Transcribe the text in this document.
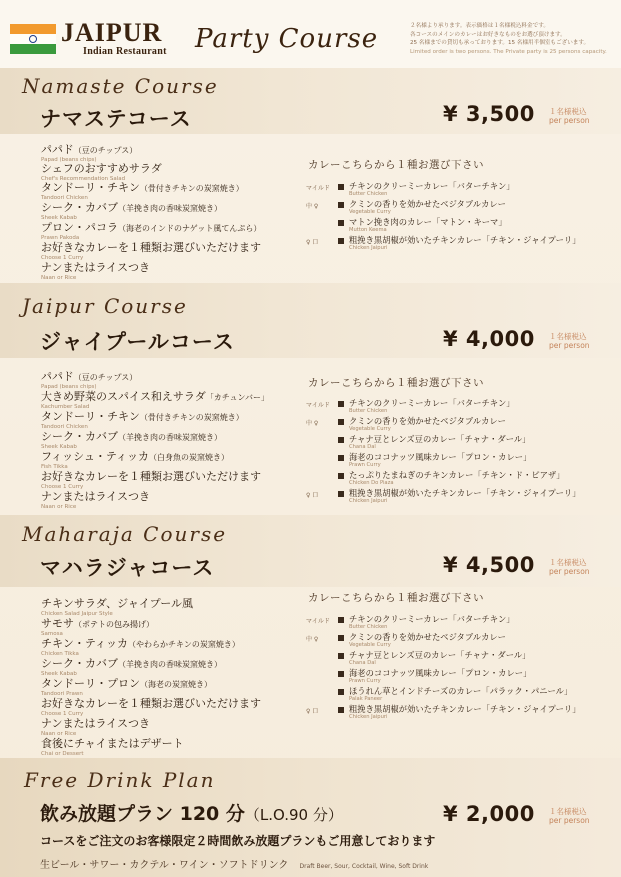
JAIPUR
Indian Restaurant Party Course	２名様より承ります。表示価格は１名様税込料金です。
各コースのメインのカレーはお好きなものをお選び頂けます。
25 名様までの貸切も承っております。15 名様用半個室もございます。
Limited order is two persons. The Private party is 25 persons capacity.
Namaste Course
ナマステコース	¥ 3,500 １名様税込
per person
パパド（豆のチップス）
Papad (beans chips)
シェフのおすすめサラダ
Chef's Recommendation Salad
タンドーリ・チキン（骨付きチキンの炭窯焼き）
Tandoori Chicken
シーク・カバブ（羊挽き肉の香味炭窯焼き）
Sheek Kabab
プロン・パコラ（海老のインドのナゲット風てんぷら）
Prawn Pakoda
お好きなカレーを１種類お選びいただけます
Choose 1 Curry
ナンまたはライスつき
Naan or Rice
カレーこちらから１種お選び下さい
マイルド $^{チキンのクリーミーカレー「バターチキン」}$
Butter Chicken
中 ♀	$^{クミンの香りを効かせたベジタブルカレー}$
Vegetable Curry
$^{マトン挽き肉のカレー「マトン・キーマ」}$
Mutton Keema
♀ 口	$^{粗挽き黒胡椒が効いたチキンカレー「チキン・ジャイプーリ」}$
Chicken Jaipuri
Jaipur Course
ジャイプールコース	¥ 4,000 １名様税込
per person
パパド（豆のチップス）
Papad (beans chips)
大きめ野菜のスパイス和えサラダ「カチュンバー」
Kachumber Salad
タンドーリ・チキン（骨付きチキンの炭窯焼き）
Tandoori Chicken
シーク・カバブ（羊挽き肉の香味炭窯焼き）
Sheek Kabab
フィッシュ・ティッカ（白身魚の炭窯焼き）
Fish Tikka
お好きなカレーを１種類お選びいただけます
Choose 1 Curry
ナンまたはライスつき
Naan or Rice
カレーこちらから１種お選び下さい
マイルド $^{チキンのクリーミーカレー「バターチキン」}$
Butter Chicken
中 ♀	$^{クミンの香りを効かせたベジタブルカレー}$
Vegetable Curry
$^{チャナ豆とレンズ豆のカレー「チャナ・ダール」}$
Chana Dal
$^{海老のココナッツ風味カレー「プロン・カレー」}$
Prawn Curry
$^{たっぷりたまねぎのチキンカレー「チキン・ド・ピアザ」}$
Chicken Do Piaza
♀ 口	$^{粗挽き黒胡椒が効いたチキンカレー「チキン・ジャイプーリ」}$
Chicken Jaipuri
Maharaja Course
マハラジャコース	¥ 4,500 １名様税込
per person
チキンサラダ、ジャイプール風
Chicken Salad Jaipur Style
サモサ（ポテトの包み揚げ）
Samosa
チキン・ティッカ（やわらかチキンの炭窯焼き）
Chicken Tikka
シーク・カバブ（羊挽き肉の香味炭窯焼き）
Sheek Kabab
タンドーリ・プロン（海老の炭窯焼き）
Tandoori Prawn
お好きなカレーを１種類お選びいただけます
Choose 1 Curry
ナンまたはライスつき
Naan or Rice
食後にチャイまたはデザート
Chai or Dessert
カレーこちらから１種お選び下さい
マイルド $^{チキンのクリーミーカレー「バターチキン」}$
Butter Chicken
中 ♀	$^{クミンの香りを効かせたベジタブルカレー}$
Vegetable Curry
$^{チャナ豆とレンズ豆のカレー「チャナ・ダール」}$
Chana Dal
$^{海老のココナッツ風味カレー「プロン・カレー」}$
Prawn Curry
$^{ほうれん草とインドチーズのカレー「パラック・パニール」}$
Palak Paneer
♀ 口	$^{粗挽き黒胡椒が効いたチキンカレー「チキン・ジャイプーリ」}$
Chicken Jaipuri
Free Drink Plan
飲み放題プラン 120 分（L.O.90 分）	¥ 2,000 １名様税込
per person
コースをご注文のお客様限定２時間飲み放題プランもご用意しております
生ビール・サワー・カクテル・ワイン・ソフトドリンク Draft Beer, Sour, Cocktail, Wine, Soft Drink
